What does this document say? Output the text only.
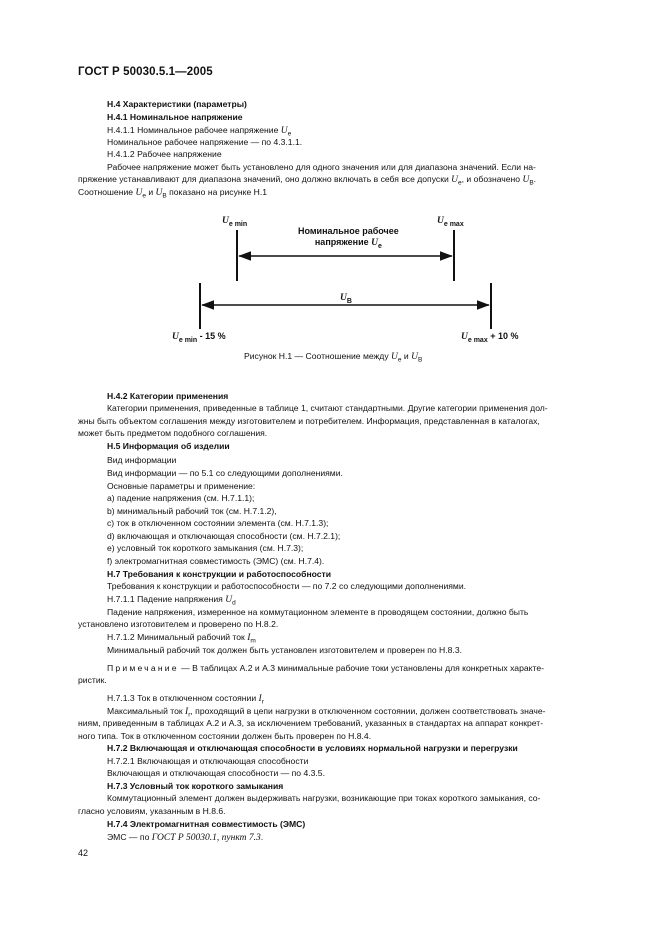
ГОСТ Р 50030.5.1—2005
Н.4 Характеристики (параметры)
Н.4.1 Номинальное напряжение
Н.4.1.1 Номинальное рабочее напряжение $U_e$
Номинальное рабочее напряжение — по 4.3.1.1.
Н.4.1.2 Рабочее напряжение
Рабочее напряжение может быть установлено для одного значения или для диапазона значений. Если на-
пряжение устанавливают для диапазона значений, оно должно включать в себя все допуски $U_e$, и обозначено $U_B$.
Соотношение $U_e$ и $U_B$ показано на рисунке Н.1
Н.4.2 Категории применения
Категории применения, приведенные в таблице 1, считают стандартными. Другие категории применения дол-
жны быть объектом соглашения между изготовителем и потребителем. Информация, представленная в каталогах,
может быть предметом подобного соглашения.
Н.5 Информация об изделии
Вид информации
Вид информации — по 5.1 со следующими дополнениями.
Основные параметры и применение:
a) падение напряжения (см. Н.7.1.1);
b) минимальный рабочий ток (см. Н.7.1.2),
c) ток в отключенном состоянии элемента (см. Н.7.1.3);
d) включающая и отключающая способности (см. Н.7.2.1);
e) условный ток короткого замыкания (см. Н.7.3);
f) электромагнитная совместимость (ЭМС) (см. Н.7.4).
Н.7 Требования к конструкции и работоспособности
Требования к конструкции и работоспособности — по 7.2 со следующими дополнениями.
Н.7.1.1 Падение напряжения $U_d$
Падение напряжения, измеренное на коммутационном элементе в проводящем состоянии, должно быть
установлено изготовителем и проверено по Н.8.2.
Н.7.1.2 Минимальный рабочий ток $I_m$
Минимальный рабочий ток должен быть установлен изготовителем и проверен по Н.8.3.
Примечание — В таблицах А.2 и А.3 минимальные рабочие токи установлены для конкретных характе-
ристик.
Н.7.1.3 Ток в отключенном состоянии $I_r$
Максимальный ток $I_r$, проходящий в цепи нагрузки в отключенном состоянии, должен соответствовать значе-
ниям, приведенным в таблицах А.2 и А.3, за исключением требований, указанных в стандартах на аппарат конкрет-
ного типа. Ток в отключенном состоянии должен быть проверен по Н.8.4.
Н.7.2 Включающая и отключающая способности в условиях нормальной нагрузки и перегрузки
Н.7.2.1 Включающая и отключающая способности
Включающая и отключающая способности — по 4.3.5.
Н.7.3 Условный ток короткого замыкания
Коммутационный элемент должен выдерживать нагрузки, возникающие при токах короткого замыкания, со-
гласно условиям, указанным в Н.8.6.
Н.7.4 Электромагнитная совместимость (ЭМС)
ЭМС — по ГОСТ Р 50030.1, пункт 7.3.
$U_{e min}$	$U_{e max}$
Номинальное рабочее
напряжение $U_e$
$U_B$
$U_{e min} - 15$ %	$U_{e max} + 10$ %
Рисунок Н.1 — Соотношение между $U_e$ и $U_B$
42
